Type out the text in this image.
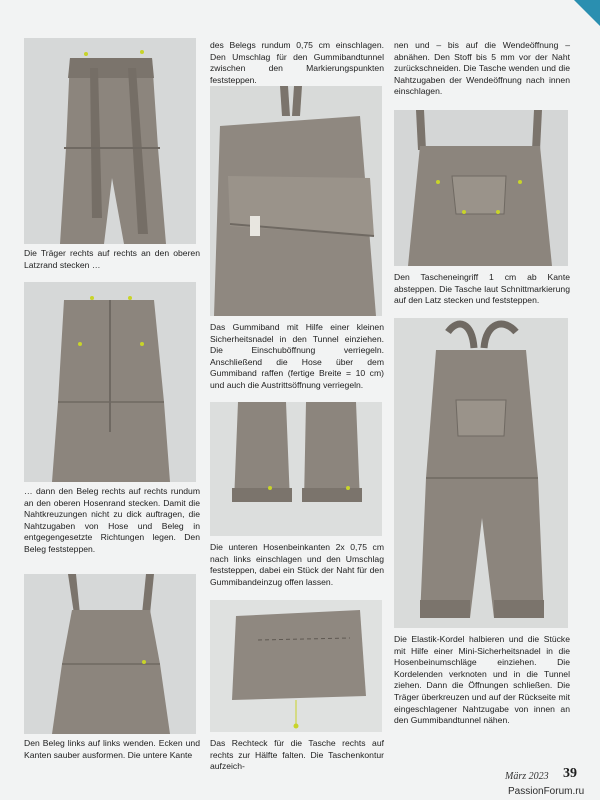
Die Träger rechts auf rechts an den oberen Latzrand stecken …

… dann den Beleg rechts auf rechts rundum an den oberen Hosenrand stecken. Damit die Nahtkreuzungen nicht zu dick auftragen, die Nahtzugaben von Hose und Beleg in entgegengesetzte Richtungen legen. Den Beleg feststeppen.

Den Beleg links auf links wenden. Ecken und Kanten sauber ausformen. Die untere Kante

des Belegs rundum 0,75 cm einschlagen. Den Umschlag für den Gummibandtunnel zwischen den Markierungspunkten feststeppen.

Das Gummiband mit Hilfe einer kleinen Sicherheitsnadel in den Tunnel einziehen. Die Einschuböffnung verriegeln. Anschließend die Hose über dem Gummiband raffen (fertige Breite = 10 cm) und auch die Austrittsöffnung verriegeln.

Die unteren Hosenbeinkanten 2x 0,75 cm nach links einschlagen und den Umschlag feststeppen, dabei ein Stück der Naht für den Gummibandeinzug offen lassen.

Das Rechteck für die Tasche rechts auf rechts zur Hälfte falten. Die Taschenkontur aufzeich-

nen und – bis auf die Wendeöffnung – abnähen. Den Stoff bis 5 mm vor der Naht zurückschneiden. Die Tasche wenden und die Nahtzugaben der Wendeöffnung nach innen einschlagen.

Den Tascheneingriff 1 cm ab Kante absteppen. Die Tasche laut Schnittmarkierung auf den Latz stecken und feststeppen.

Die Elastik-Kordel halbieren und die Stücke mit Hilfe einer Mini-Sicherheitsnadel in die Hosenbeinumschläge einziehen. Die Kordelenden verknoten und in die Tunnel ziehen. Dann die Öffnungen schließen. Die Träger überkreuzen und auf der Rückseite mit eingeschlagener Nahtzugabe von innen an den Gummibandtunnel nähen.

März 2023 39
PassionForum.ru
